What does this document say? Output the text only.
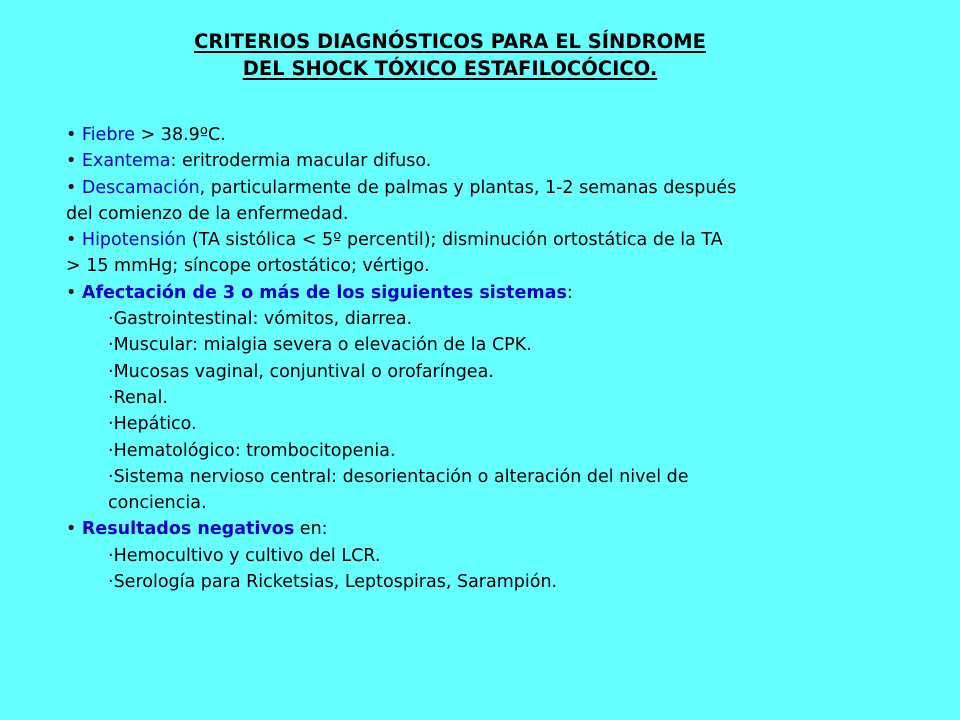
CRITERIOS DIAGNÓSTICOS PARA EL SÍNDROME
DEL SHOCK TÓXICO ESTAFILOCÓCICO.
• Fiebre > 38.9ºC.
• Exantema: eritrodermia macular difuso.
• Descamación, particularmente de palmas y plantas, 1-2 semanas después
del comienzo de la enfermedad.
• Hipotensión (TA sistólica < 5º percentil); disminución ortostática de la TA
> 15 mmHg; síncope ortostático; vértigo.
• Afectación de 3 o más de los siguientes sistemas:
·Gastrointestinal: vómitos, diarrea.
·Muscular: mialgia severa o elevación de la CPK.
·Mucosas vaginal, conjuntival o orofaríngea.
·Renal.
·Hepático.
·Hematológico: trombocitopenia.
·Sistema nervioso central: desorientación o alteración del nivel de
conciencia.
• Resultados negativos en:
·Hemocultivo y cultivo del LCR.
·Serología para Ricketsias, Leptospiras, Sarampión.
